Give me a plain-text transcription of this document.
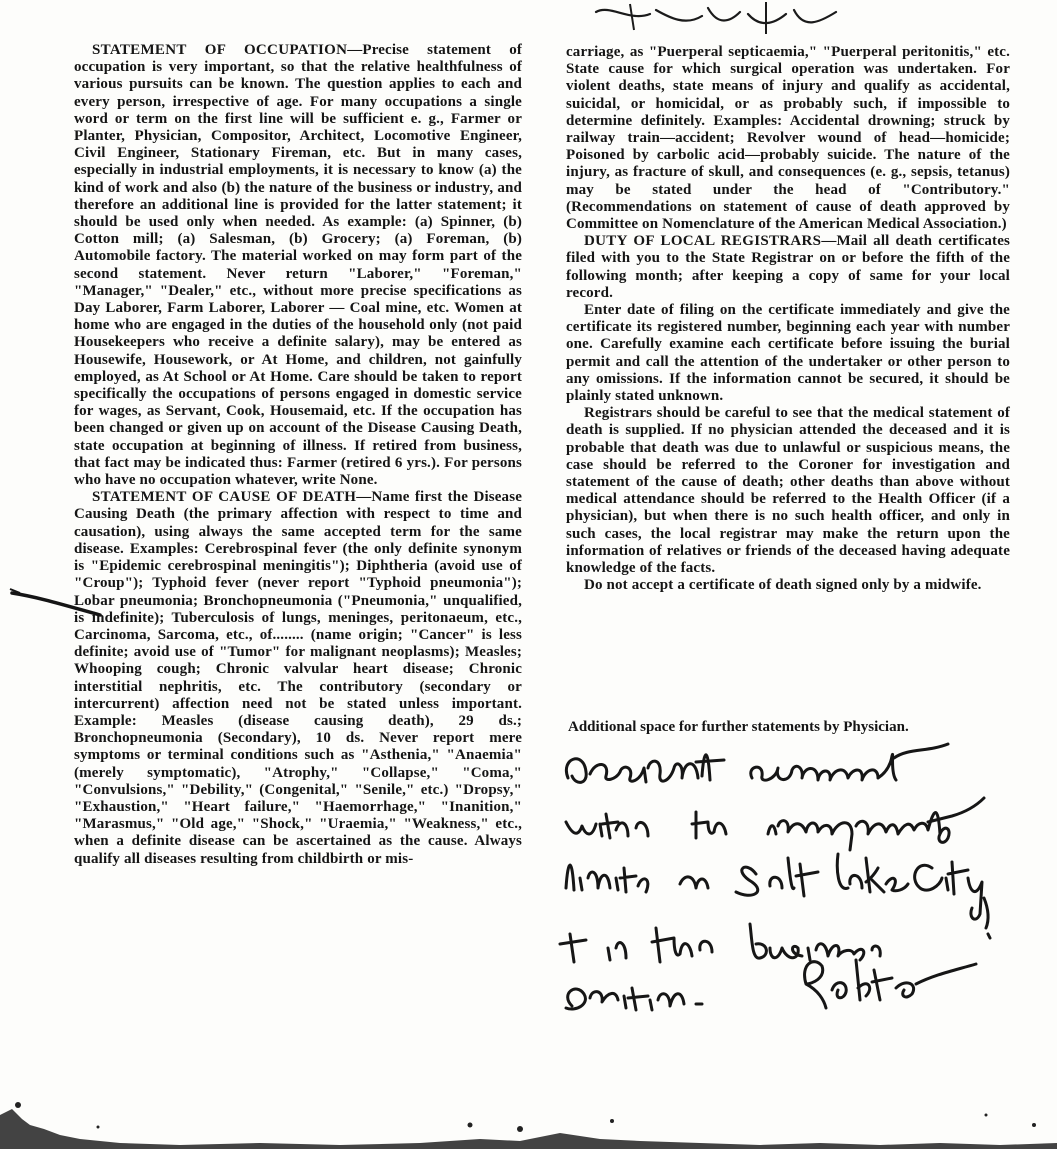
STATEMENT OF OCCUPATION—Precise statement of occupation is very important, so that the relative healthfulness of various pursuits can be known. The question applies to each and every person, irrespective of age. For many occupations a single word or term on the first line will be sufficient e. g., Farmer or Planter, Physician, Compositor, Architect, Locomotive Engineer, Civil Engineer, Stationary Fireman, etc. But in many cases, especially in industrial employments, it is necessary to know (a) the kind of work and also (b) the nature of the business or industry, and therefore an additional line is provided for the latter statement; it should be used only when needed. As example: (a) Spinner, (b) Cotton mill; (a) Salesman, (b) Grocery; (a) Foreman, (b) Automobile factory. The material worked on may form part of the second statement. Never return "Laborer," "Foreman," "Manager," "Dealer," etc., without more precise specifications as Day Laborer, Farm Laborer, Laborer — Coal mine, etc. Women at home who are engaged in the duties of the household only (not paid Housekeepers who receive a definite salary), may be entered as Housewife, Housework, or At Home, and children, not gainfully employed, as At School or At Home. Care should be taken to report specifically the occupations of persons engaged in domestic service for wages, as Servant, Cook, Housemaid, etc. If the occupation has been changed or given up on account of the Disease Causing Death, state occupation at beginning of illness. If retired from business, that fact may be indicated thus: Farmer (retired 6 yrs.). For persons who have no occupation whatever, write None.

STATEMENT OF CAUSE OF DEATH—Name first the Disease Causing Death (the primary affection with respect to time and causation), using always the same accepted term for the same disease. Examples: Cerebrospinal fever (the only definite synonym is "Epidemic cerebrospinal meningitis"); Diphtheria (avoid use of "Croup"); Typhoid fever (never report "Typhoid pneumonia"); Lobar pneumonia; Bronchopneumonia ("Pneumonia," unqualified, is indefinite); Tuberculosis of lungs, meninges, peritonaeum, etc., Carcinoma, Sarcoma, etc., of........ (name origin; "Cancer" is less definite; avoid use of "Tumor" for malignant neoplasms); Measles; Whooping cough; Chronic valvular heart disease; Chronic interstitial nephritis, etc. The contributory (secondary or intercurrent) affection need not be stated unless important. Example: Measles (disease causing death), 29 ds.; Bronchopneumonia (Secondary), 10 ds. Never report mere symptoms or terminal conditions such as "Asthenia," "Anaemia" (merely symptomatic), "Atrophy," "Collapse," "Coma," "Convulsions," "Debility," (Congenital," "Senile," etc.) "Dropsy," "Exhaustion," "Heart failure," "Haemorrhage," "Inanition," "Marasmus," "Old age," "Shock," "Uraemia," "Weakness," etc., when a definite disease can be ascertained as the cause. Always qualify all diseases resulting from childbirth or mis-

carriage, as "Puerperal septicaemia," "Puerperal peritonitis," etc. State cause for which surgical operation was undertaken. For violent deaths, state means of injury and qualify as accidental, suicidal, or homicidal, or as probably such, if impossible to determine definitely. Examples: Accidental drowning; struck by railway train—accident; Revolver wound of head—homicide; Poisoned by carbolic acid—probably suicide. The nature of the injury, as fracture of skull, and consequences (e. g., sepsis, tetanus) may be stated under the head of "Contributory." (Recommendations on statement of cause of death approved by Committee on Nomenclature of the American Medical Association.)

DUTY OF LOCAL REGISTRARS—Mail all death certificates filed with you to the State Registrar on or before the fifth of the following month; after keeping a copy of same for your local record.

Enter date of filing on the certificate immediately and give the certificate its registered number, beginning each year with number one. Carefully examine each certificate before issuing the burial permit and call the attention of the undertaker or other person to any omissions. If the information cannot be secured, it should be plainly stated unknown.

Registrars should be careful to see that the medical statement of death is supplied. If no physician attended the deceased and it is probable that death was due to unlawful or suspicious means, the case should be referred to the Coroner for investigation and statement of the cause of death; other deaths than above without medical attendance should be referred to the Health Officer (if a physician), but when there is no such health officer, and only in such cases, the local registrar may make the return upon the information of relatives or friends of the deceased having adequate knowledge of the facts.

Do not accept a certificate of death signed only by a midwife.

Additional space for further statements by Physician.
